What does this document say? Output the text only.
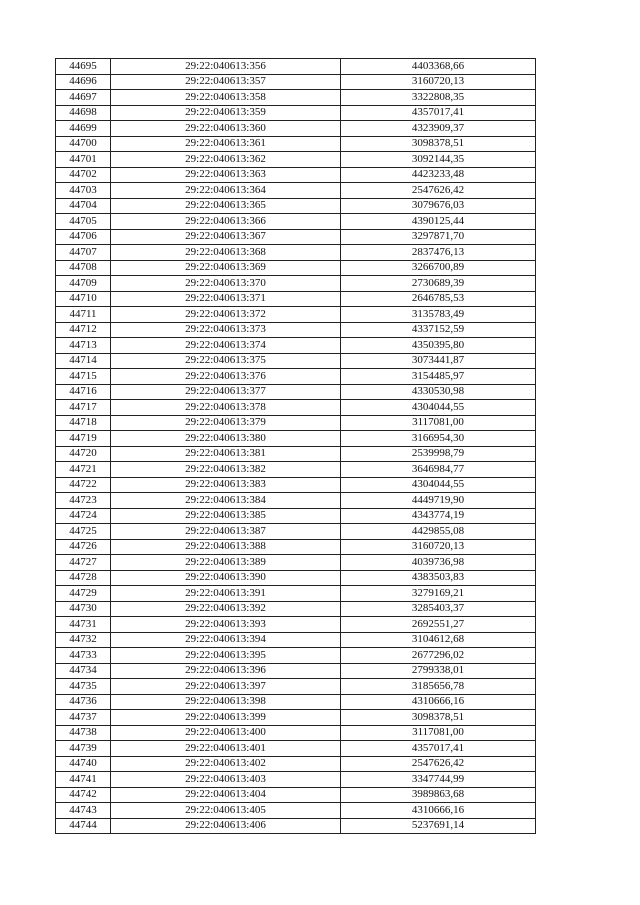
44695	29:22:040613:356	4403368,66
44696	29:22:040613:357	3160720,13
44697	29:22:040613:358	3322808,35
44698	29:22:040613:359	4357017,41
44699	29:22:040613:360	4323909,37
44700	29:22:040613:361	3098378,51
44701	29:22:040613:362	3092144,35
44702	29:22:040613:363	4423233,48
44703	29:22:040613:364	2547626,42
44704	29:22:040613:365	3079676,03
44705	29:22:040613:366	4390125,44
44706	29:22:040613:367	3297871,70
44707	29:22:040613:368	2837476,13
44708	29:22:040613:369	3266700,89
44709	29:22:040613:370	2730689,39
44710	29:22:040613:371	2646785,53
44711	29:22:040613:372	3135783,49
44712	29:22:040613:373	4337152,59
44713	29:22:040613:374	4350395,80
44714	29:22:040613:375	3073441,87
44715	29:22:040613:376	3154485,97
44716	29:22:040613:377	4330530,98
44717	29:22:040613:378	4304044,55
44718	29:22:040613:379	3117081,00
44719	29:22:040613:380	3166954,30
44720	29:22:040613:381	2539998,79
44721	29:22:040613:382	3646984,77
44722	29:22:040613:383	4304044,55
44723	29:22:040613:384	4449719,90
44724	29:22:040613:385	4343774,19
44725	29:22:040613:387	4429855,08
44726	29:22:040613:388	3160720,13
44727	29:22:040613:389	4039736,98
44728	29:22:040613:390	4383503,83
44729	29:22:040613:391	3279169,21
44730	29:22:040613:392	3285403,37
44731	29:22:040613:393	2692551,27
44732	29:22:040613:394	3104612,68
44733	29:22:040613:395	2677296,02
44734	29:22:040613:396	2799338,01
44735	29:22:040613:397	3185656,78
44736	29:22:040613:398	4310666,16
44737	29:22:040613:399	3098378,51
44738	29:22:040613:400	3117081,00
44739	29:22:040613:401	4357017,41
44740	29:22:040613:402	2547626,42
44741	29:22:040613:403	3347744,99
44742	29:22:040613:404	3989863,68
44743	29:22:040613:405	4310666,16
44744	29:22:040613:406	5237691,14
